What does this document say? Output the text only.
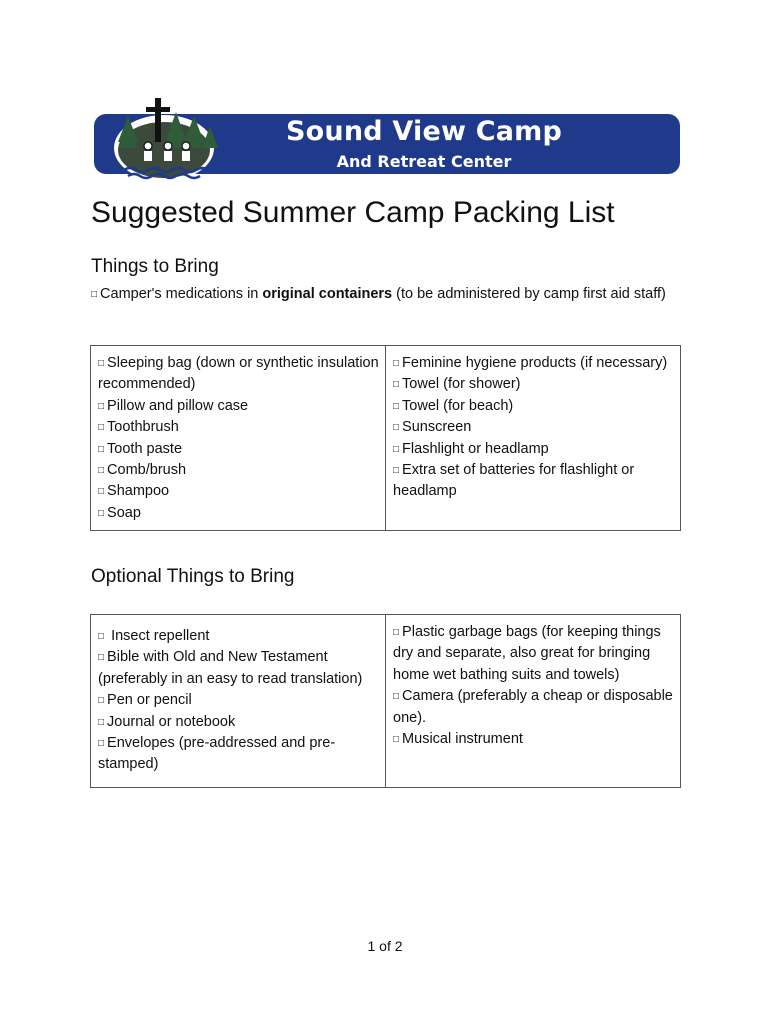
Sound View Camp
And Retreat Center
Suggested Summer Camp Packing List
Things to Bring

□ Camper's medications in original containers (to be administered by camp first aid staff)

□ Sleeping bag (down or synthetic insulation recommended)
□ Pillow and pillow case
□ Toothbrush
□ Tooth paste
□ Comb/brush
□ Shampoo
□ Soap

□ Feminine hygiene products (if necessary)
□ Towel (for shower)
□ Towel (for beach)
□ Sunscreen
□ Flashlight or headlamp
□ Extra set of batteries for flashlight or headlamp
Optional Things to Bring
□ Insect repellent
□ Bible with Old and New Testament (preferably in an easy to read translation)
□ Pen or pencil
□ Journal or notebook
□ Envelopes (pre-addressed and pre-stamped)

□ Plastic garbage bags (for keeping things dry and separate, also great for bringing home wet bathing suits and towels)
□ Camera (preferably a cheap or disposable one).
□ Musical instrument
1 of 2
